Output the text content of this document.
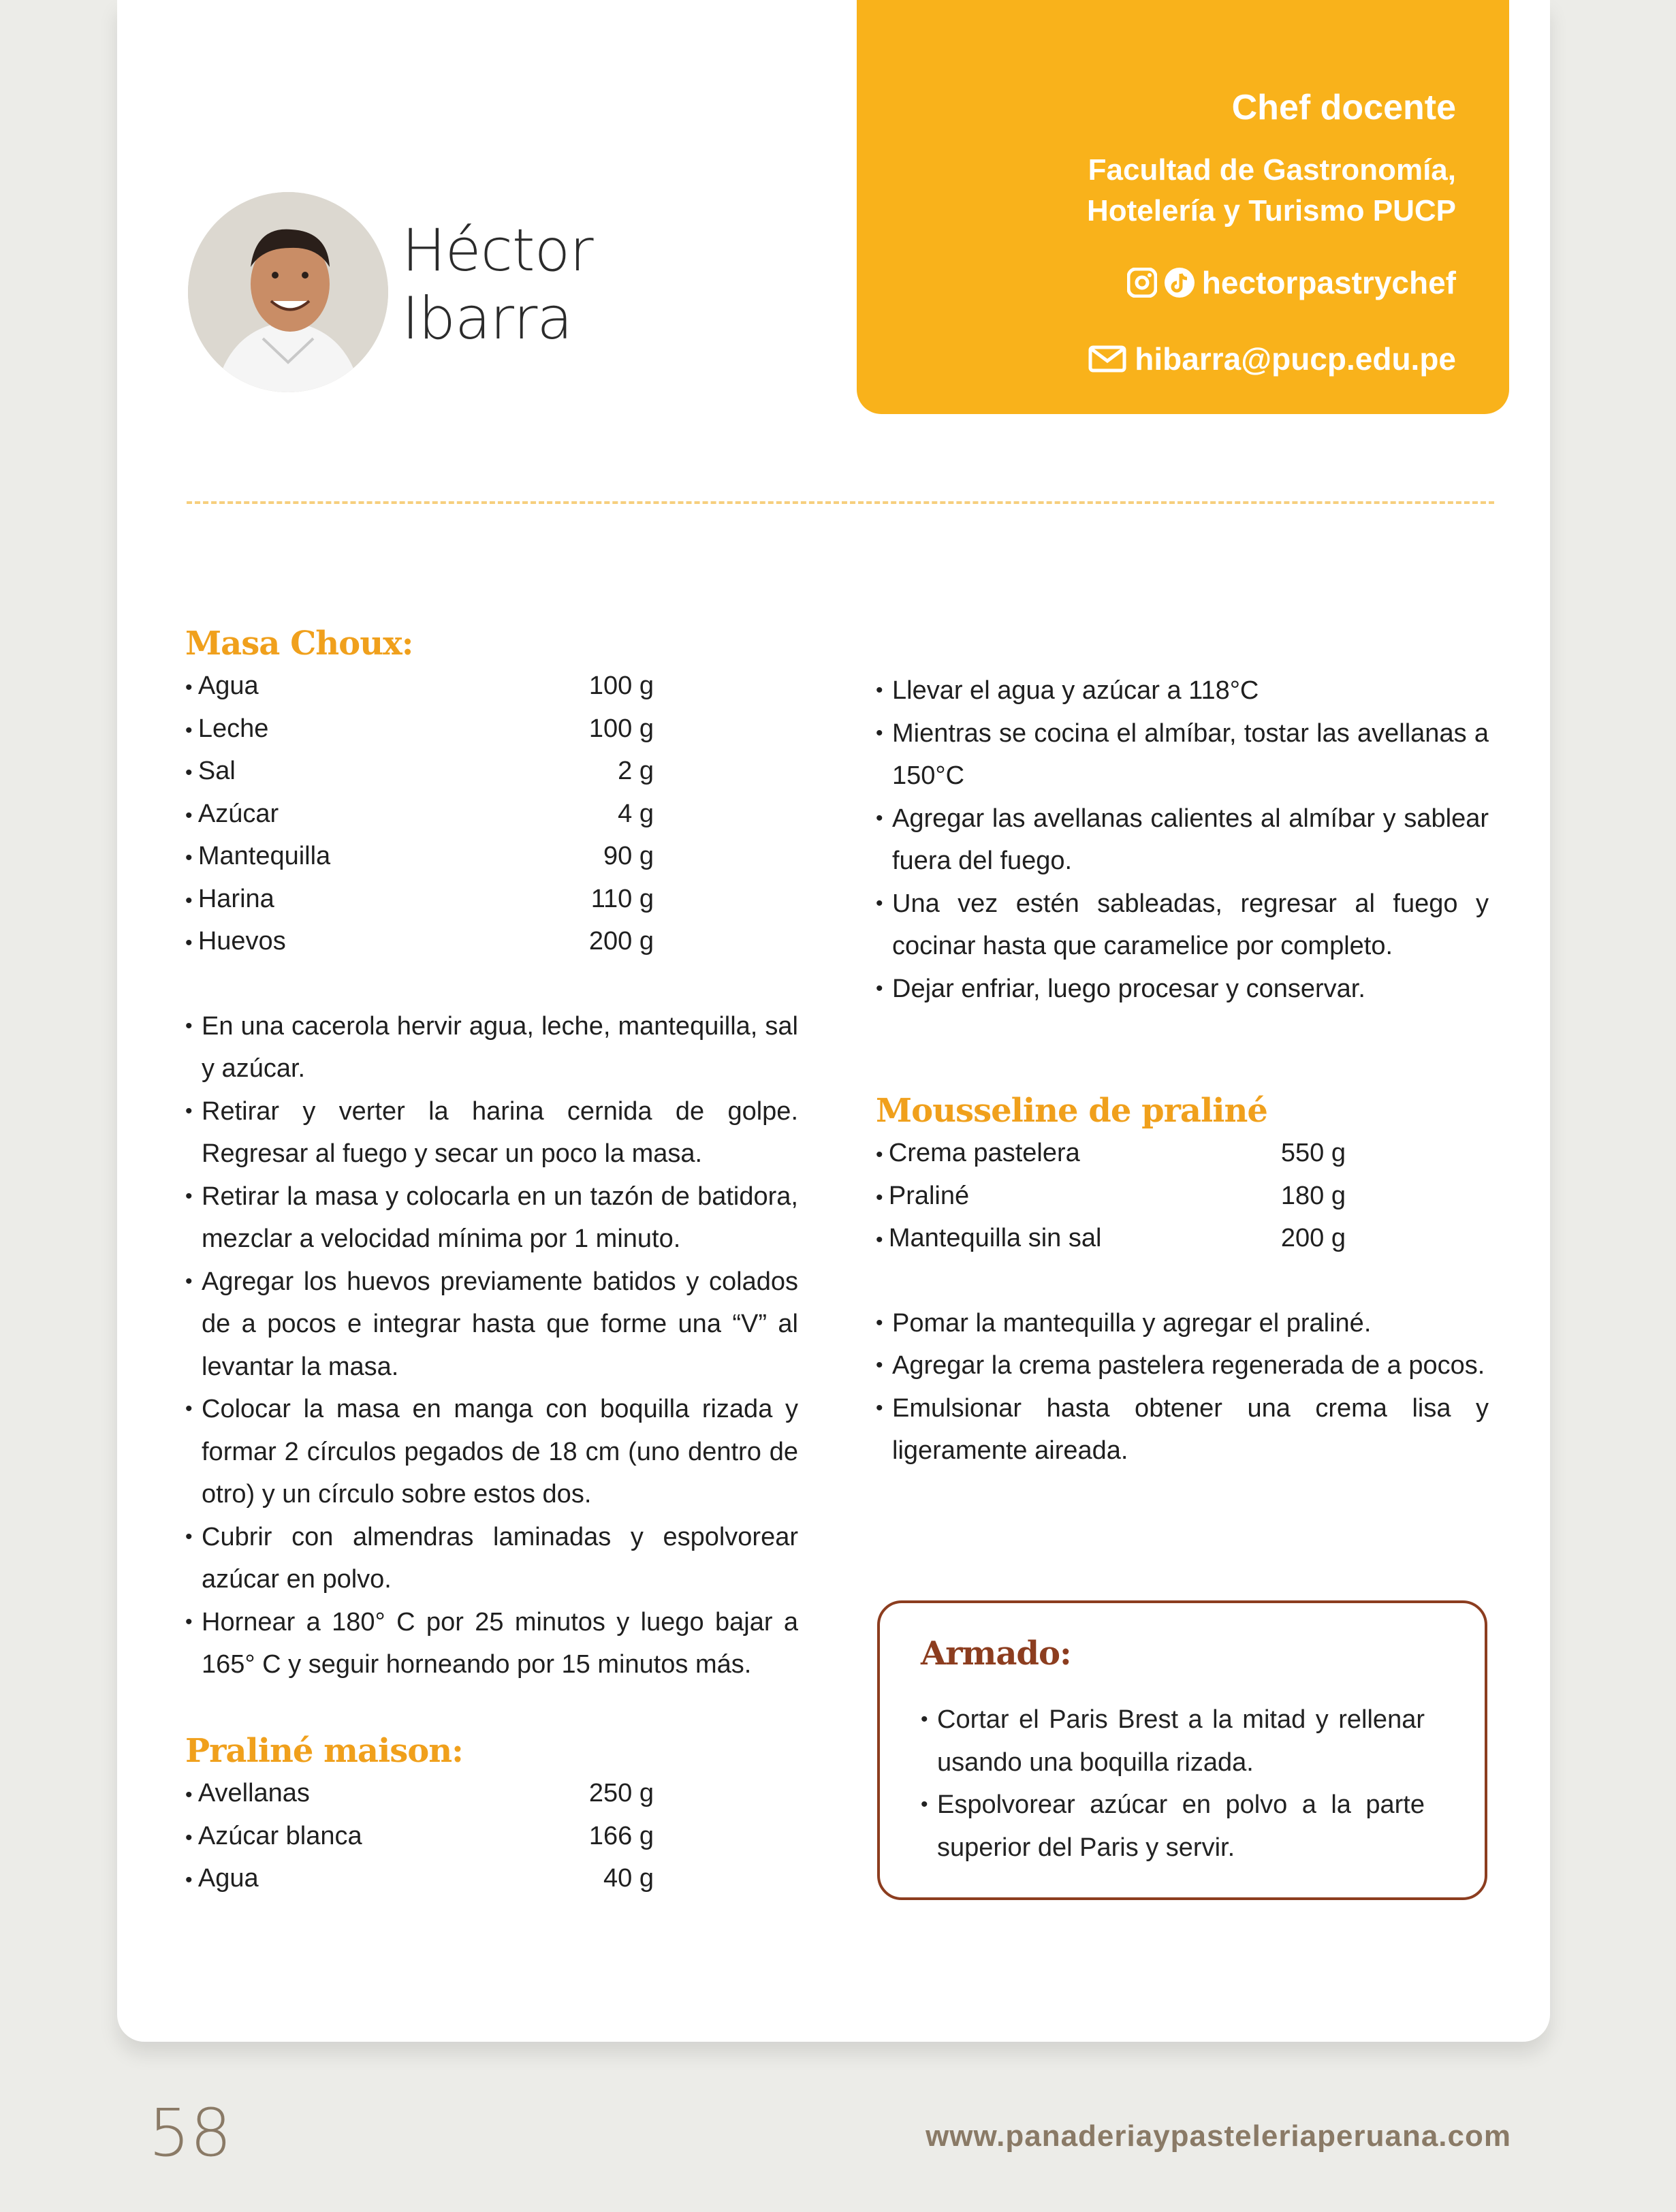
Héctor
Ibarra
Chef docente
Facultad de Gastronomía,
Hotelería y Turismo PUCP
hectorpastrychef
hibarra@pucp.edu.pe
Masa Choux:
• Agua	100 g
• Leche	100 g
• Sal	2 g
• Azúcar	4 g
• Mantequilla	90 g
• Harina	110 g
• Huevos	200 g
• En una cacerola hervir agua, leche, mantequilla, sal y azúcar.
• Retirar y verter la harina cernida de golpe. Regresar al fuego y secar un poco la masa.
• Retirar la masa y colocarla en un tazón de batidora, mezclar a velocidad mínima por 1 minuto.
• Agregar los huevos previamente batidos y colados de a pocos e integrar hasta que forme una “V” al levantar la masa.
• Colocar la masa en manga con boquilla rizada y formar 2 círculos pegados de 18 cm (uno dentro de otro) y un círculo sobre estos dos.
• Cubrir con almendras laminadas y espolvorear azúcar en polvo.
• Hornear a 180° C por 25 minutos y luego bajar a 165° C y seguir horneando por 15 minutos más.
Praliné maison:
• Avellanas	250 g
• Azúcar blanca	166 g
• Agua	40 g
• Llevar el agua y azúcar a 118°C
• Mientras se cocina el almíbar, tostar las avellanas a 150°C
• Agregar las avellanas calientes al almíbar y sablear fuera del fuego.
• Una vez estén sableadas, regresar al fuego y cocinar hasta que caramelice por completo.
• Dejar enfriar, luego procesar y conservar.
Mousseline de praliné
• Crema pastelera	550 g
• Praliné	180 g
• Mantequilla sin sal	200 g
• Pomar la mantequilla y agregar el praliné.
• Agregar la crema pastelera regenerada de a pocos.
• Emulsionar hasta obtener una crema lisa y ligeramente aireada.
Armado:
• Cortar el Paris Brest a la mitad y rellenar usando una boquilla rizada.
• Espolvorear azúcar en polvo a la parte superior del Paris y servir.
58	www.panaderiaypasteleriaperuana.com
